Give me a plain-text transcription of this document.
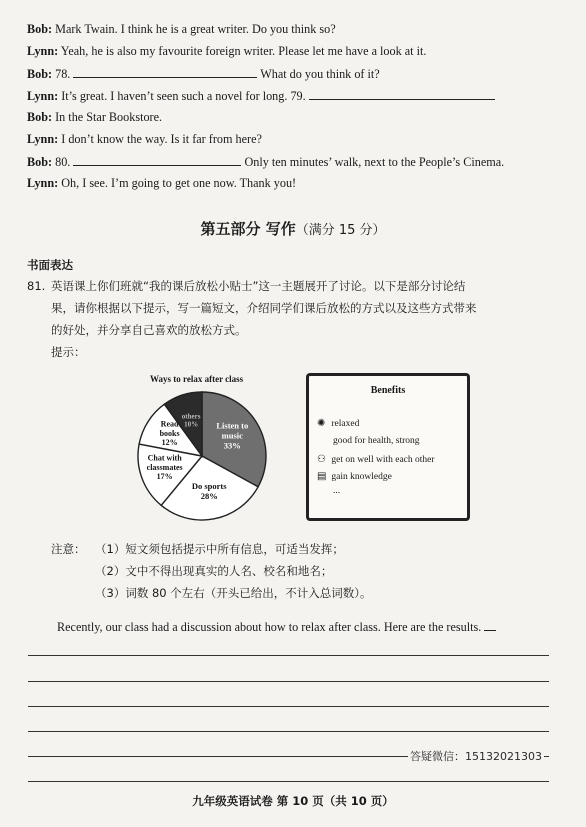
Bob: Mark Twain. I think he is a great writer. Do you think so?
Lynn: Yeah, he is also my favourite foreign writer. Please let me have a look at it.
Bob: 78.	What do you think of it?
Lynn: It’s great. I haven’t seen such a novel for long. 79.
Bob: In the Star Bookstore.
Lynn: I don’t know the way. Is it far from here?
Bob: 80.	Only ten minutes’ walk, next to the People’s Cinema.
Lynn: Oh, I see. I’m going to get one now. Thank you!
第五部分 写作（满分 15 分）
书面表达
81. 英语课上你们班就“我的课后放松小贴士”这一主题展开了讨论。以下是部分讨论结
果，请你根据以下提示，写一篇短文，介绍同学们课后放松的方式以及这些方式带来
的好处，并分享自己喜欢的放松方式。
提示：
Ways to relax after class
Listen to music 33%
Do sports 28%
Chat with classmates 17%
Read books 12%
others 10%
Benefits
✺ relaxed
good for health, strong
⚇ get on well with each other
▤ gain knowledge
...
注意： （1）短文须包括提示中所有信息，可适当发挥；
（2）文中不得出现真实的人名、校名和地名；
（3）词数 80 个左右（开头已给出，不计入总词数）。
Recently, our class had a discussion about how to relax after class. Here are the results.
答疑微信：15132021303
九年级英语试卷 第 10 页（共 10 页）
